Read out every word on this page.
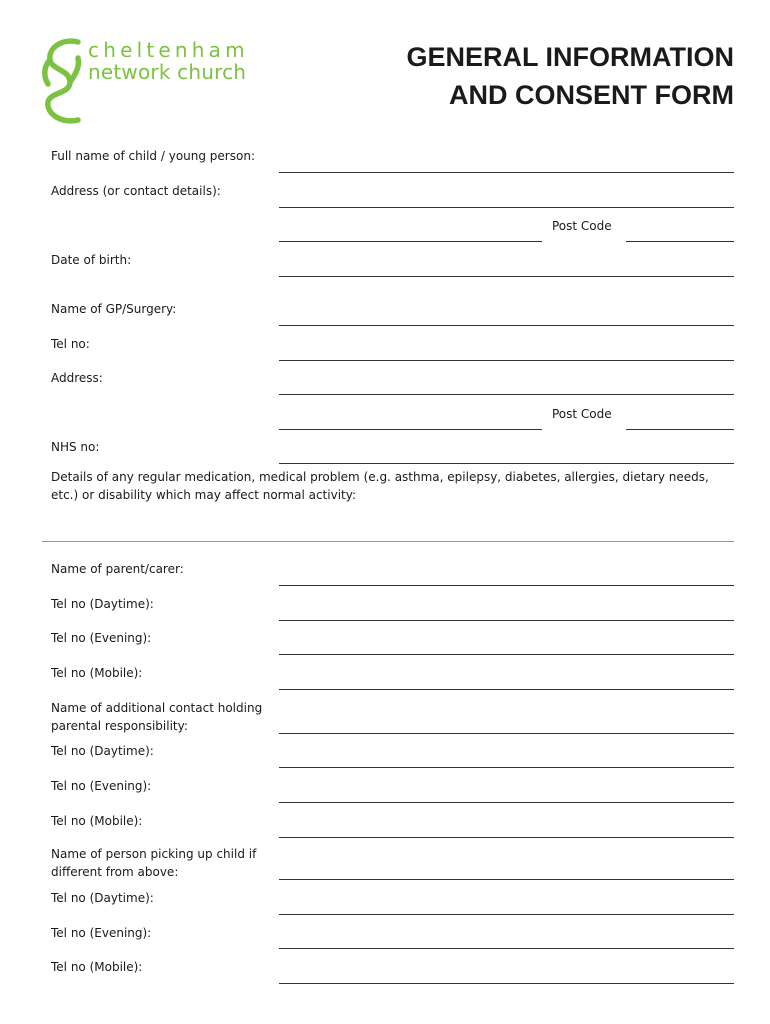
cheltenham
network church	GENERAL INFORMATION
AND CONSENT FORM
Full name of child / young person:
Address (or contact details):
Post Code
Date of birth:
Name of GP/Surgery:
Tel no:
Address:
Post Code
NHS no:
Details of any regular medication, medical problem (e.g. asthma, epilepsy, diabetes, allergies, dietary needs, etc.) or disability which may affect normal activity:
Name of parent/carer:
Tel no (Daytime):
Tel no (Evening):
Tel no (Mobile):
Name of additional contact holding parental responsibility:
Tel no (Daytime):
Tel no (Evening):
Tel no (Mobile):
Name of person picking up child if different from above:
Tel no (Daytime):
Tel no (Evening):
Tel no (Mobile):
